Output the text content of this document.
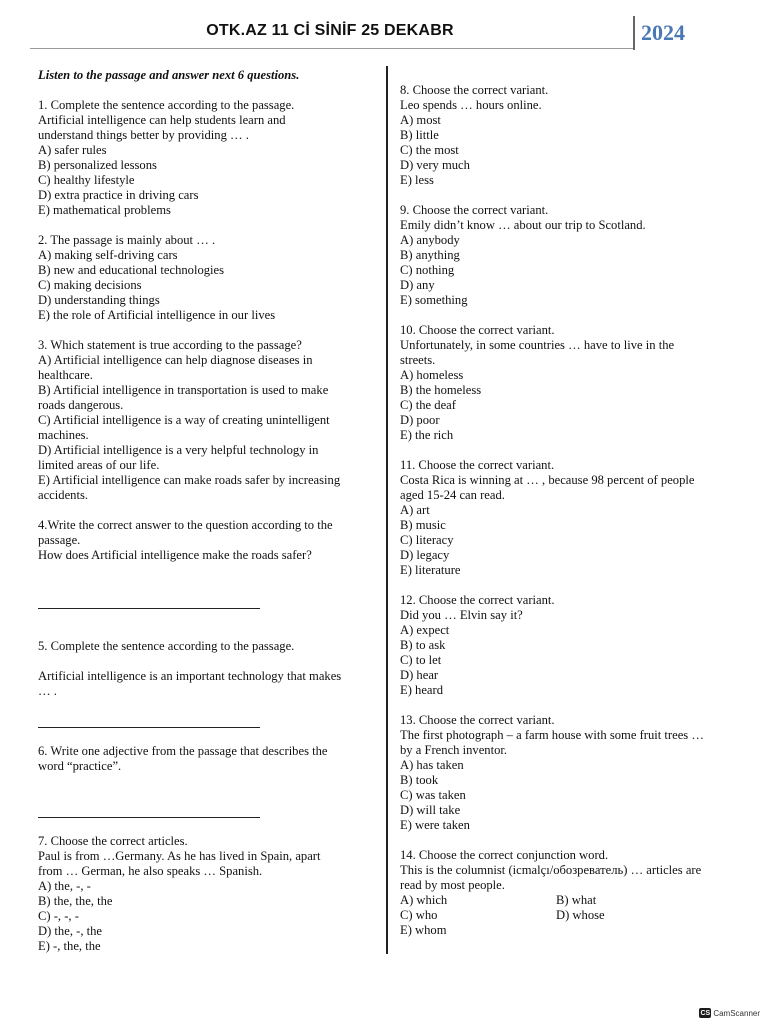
OTK.AZ 11 Cİ SİNİF 25 DEKABR	2024
Listen to the passage and answer next 6 questions.
1. Complete the sentence according to the passage.
Artificial intelligence can help students learn and
understand things better by providing … .
A) safer rules
B) personalized lessons
C) healthy lifestyle
D) extra practice in driving cars
E) mathematical problems
2. The passage is mainly about … .
A) making self-driving cars
B) new and educational technologies
C) making decisions
D) understanding things
E) the role of Artificial intelligence in our lives
3. Which statement is true according to the passage?
A) Artificial intelligence can help diagnose diseases in
healthcare.
B) Artificial intelligence in transportation is used to make
roads dangerous.
C) Artificial intelligence is a way of creating unintelligent
machines.
D) Artificial intelligence is a very helpful technology in
limited areas of our life.
E) Artificial intelligence can make roads safer by increasing
accidents.
4.Write the correct answer to the question according to the
passage.
How does Artificial intelligence make the roads safer?
5. Complete the sentence according to the passage.
Artificial intelligence is an important technology that makes
… .
6. Write one adjective from the passage that describes the
word “practice”.
7. Choose the correct articles.
Paul is from …Germany. As he has lived in Spain, apart
from … German, he also speaks … Spanish.
A) the, -, -
B) the, the, the
C) -, -, -
D) the, -, the
E) -, the, the
8. Choose the correct variant.
Leo spends … hours online.
A) most
B) little
C) the most
D) very much
E) less
9. Choose the correct variant.
Emily didn’t know … about our trip to Scotland.
A) anybody
B) anything
C) nothing
D) any
E) something
10. Choose the correct variant.
Unfortunately, in some countries … have to live in the
streets.
A) homeless
B) the homeless
C) the deaf
D) poor
E) the rich
11. Choose the correct variant.
Costa Rica is winning at … , because 98 percent of people
aged 15-24 can read.
A) art
B) music
C) literacy
D) legacy
E) literature
12. Choose the correct variant.
Did you … Elvin say it?
A) expect
B) to ask
C) to let
D) hear
E) heard
13. Choose the correct variant.
The first photograph – a farm house with some fruit trees …
by a French inventor.
A) has taken
B) took
C) was taken
D) will take
E) were taken
14. Choose the correct conjunction word.
This is the columnist (icmalçı/обозреватель) … articles are
read by most people.
A) which	B) what
C) who	D) whose
E) whom
CS CamScanner
